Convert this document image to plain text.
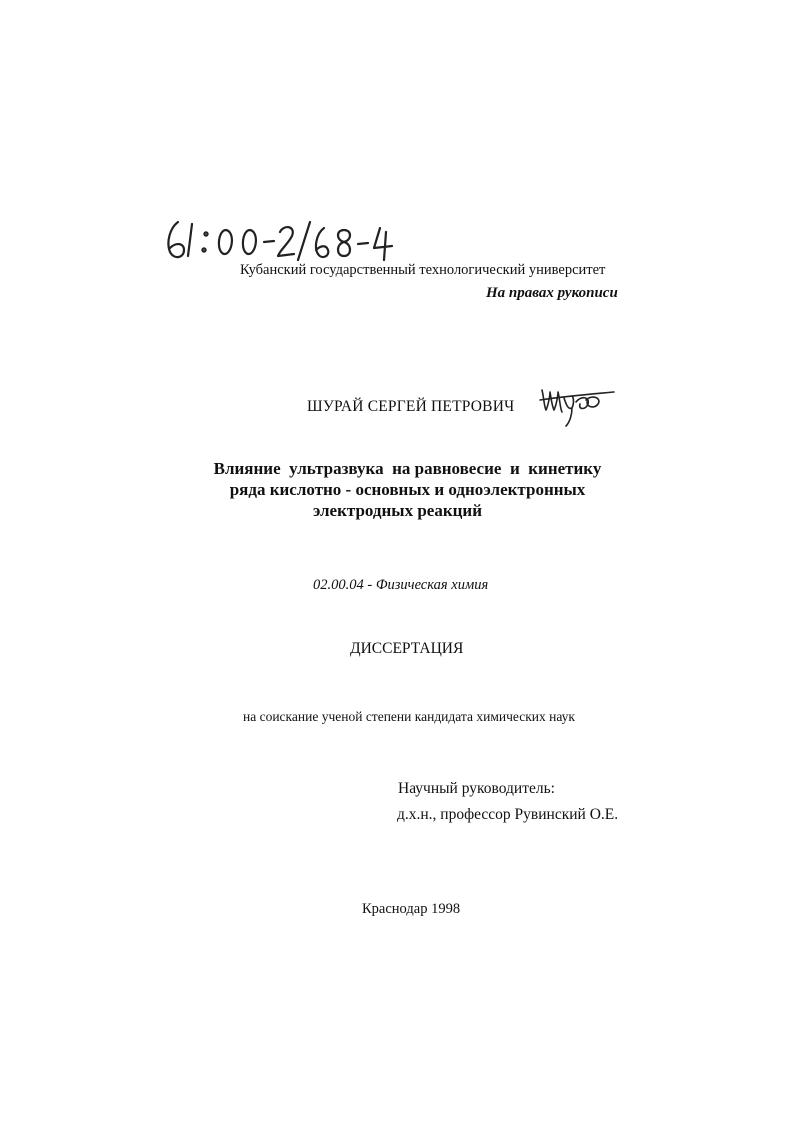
Кубанский государственный технологический университет
На правах рукописи
ШУРАЙ СЕРГЕЙ ПЕТРОВИЧ
Влияние  ультразвука  на равновесие  и  кинетику
ряда кислотно - основных и одноэлектронных
электродных реакций
02.00.04 - Физическая химия
ДИССЕРТАЦИЯ
на соискание ученой степени кандидата химических наук
Научный руководитель:
д.х.н., профессор Рувинский О.Е.
Краснодар 1998
